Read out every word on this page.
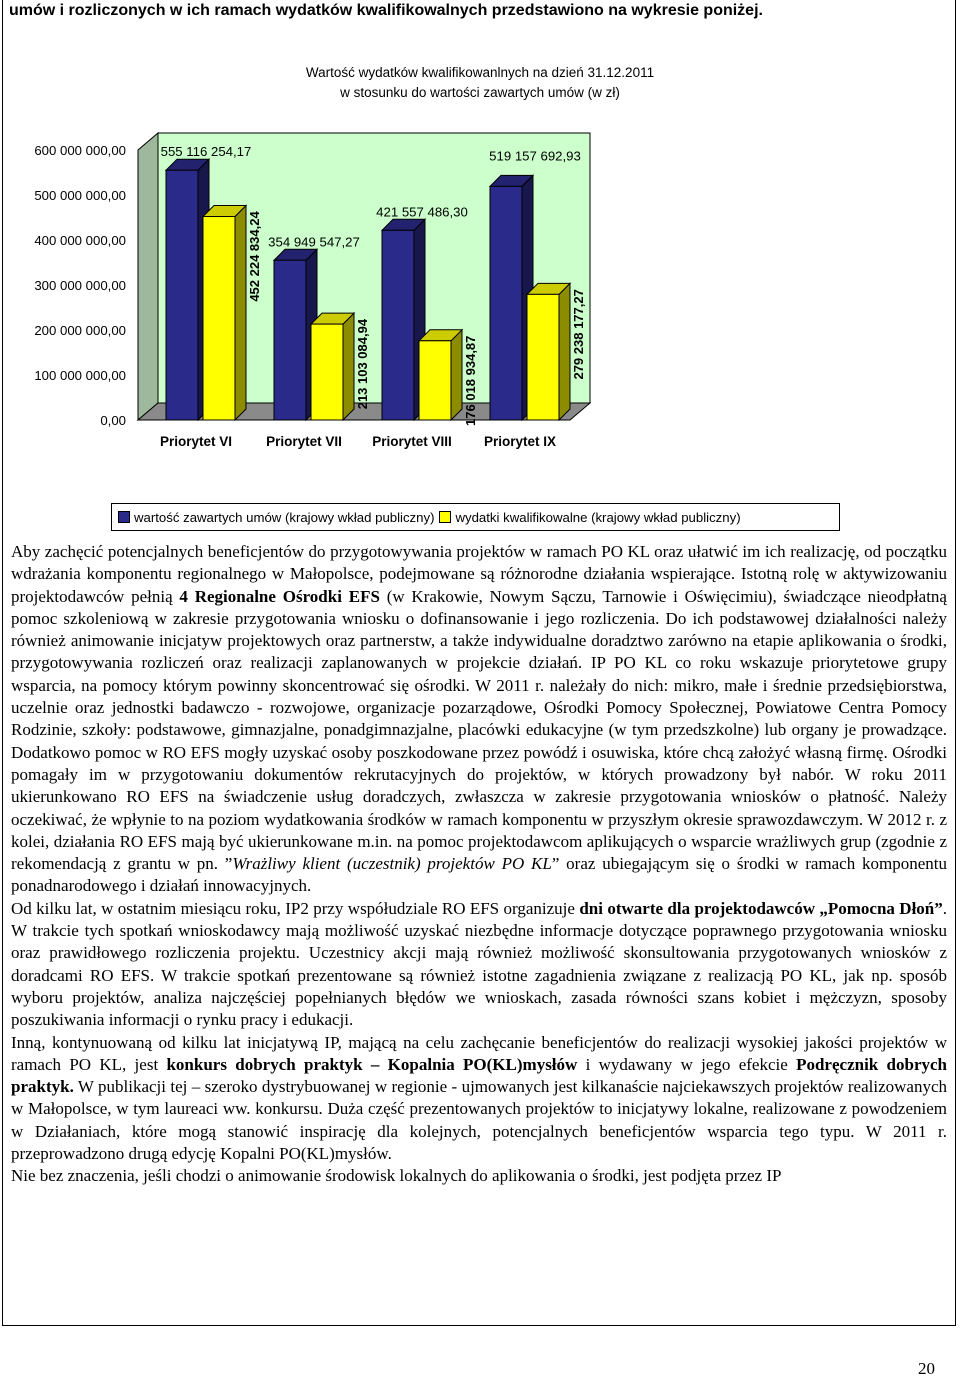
umów i rozliczonych w ich ramach wydatków kwalifikowalnych przedstawiono na wykresie poniżej.
Wartość wydatków kwalifikowanlnych na dzień 31.12.2011
w stosunku do wartości zawartych umów (w zł)
0,00
100 000 000,00
200 000 000,00
300 000 000,00
400 000 000,00
500 000 000,00
600 000 000,00	555 116 254,17
452 224 834,24
Priorytet VI
354 949 547,27
213 103 084,94
Priorytet VII
421 557 486,30
176 018 934,87
Priorytet VIII
519 157 692,93
279 238 177,27
Priorytet IX
wartość zawartych umów (krajowy wkład publiczny) wydatki kwalifikowalne (krajowy wkład publiczny)

Aby zachęcić potencjalnych beneficjentów do przygotowywania projektów w ramach PO KL oraz ułatwić im ich realizację, od początku wdrażania komponentu regionalnego w Małopolsce, podejmowane są różnorodne działania wspierające. Istotną rolę w aktywizowaniu projektodawców pełnią 4 Regionalne Ośrodki EFS (w Krakowie, Nowym Sączu, Tarnowie i Oświęcimiu), świadczące nieodpłatną pomoc szkoleniową w zakresie przygotowania wniosku o dofinansowanie i jego rozliczenia. Do ich podstawowej działalności należy również animowanie inicjatyw projektowych oraz partnerstw, a także indywidualne doradztwo zarówno na etapie aplikowania o środki, przygotowywania rozliczeń oraz realizacji zaplanowanych w projekcie działań. IP PO KL co roku wskazuje priorytetowe grupy wsparcia, na pomocy którym powinny skoncentrować się ośrodki. W 2011 r. należały do nich: mikro, małe i średnie przedsiębiorstwa, uczelnie oraz jednostki badawczo - rozwojowe, organizacje pozarządowe, Ośrodki Pomocy Społecznej, Powiatowe Centra Pomocy Rodzinie, szkoły: podstawowe, gimnazjalne, ponadgimnazjalne, placówki edukacyjne (w tym przedszkolne) lub organy je prowadzące. Dodatkowo pomoc w RO EFS mogły uzyskać osoby poszkodowane przez powódź i osuwiska, które chcą założyć własną firmę. Ośrodki pomagały im w przygotowaniu dokumentów rekrutacyjnych do projektów, w których prowadzony był nabór. W roku 2011 ukierunkowano RO EFS na świadczenie usług doradczych, zwłaszcza w zakresie przygotowania wniosków o płatność. Należy oczekiwać, że wpłynie to na poziom wydatkowania środków w ramach komponentu w przyszłym okresie sprawozdawczym. W 2012 r. z kolei, działania RO EFS mają być ukierunkowane m.in. na pomoc projektodawcom aplikujących o wsparcie wrażliwych grup (zgodnie z rekomendacją z grantu w pn. ”Wrażliwy klient (uczestnik) projektów PO KL” oraz ubiegającym się o środki w ramach komponentu ponadnarodowego i działań innowacyjnych.

Od kilku lat, w ostatnim miesiącu roku, IP2 przy współudziale RO EFS organizuje dni otwarte dla projektodawców „Pomocna Dłoń”. W trakcie tych spotkań wnioskodawcy mają możliwość uzyskać niezbędne informacje dotyczące poprawnego przygotowania wniosku oraz prawidłowego rozliczenia projektu. Uczestnicy akcji mają również możliwość skonsultowania przygotowanych wniosków z doradcami RO EFS. W trakcie spotkań prezentowane są również istotne zagadnienia związane z realizacją PO KL, jak np. sposób wyboru projektów, analiza najczęściej popełnianych błędów we wnioskach, zasada równości szans kobiet i mężczyzn, sposoby poszukiwania informacji o rynku pracy i edukacji.

Inną, kontynuowaną od kilku lat inicjatywą IP, mającą na celu zachęcanie beneficjentów do realizacji wysokiej jakości projektów w ramach PO KL, jest konkurs dobrych praktyk – Kopalnia PO(KL)mysłów i wydawany w jego efekcie Podręcznik dobrych praktyk. W publikacji tej – szeroko dystrybuowanej w regionie - ujmowanych jest kilkanaście najciekawszych projektów realizowanych w Małopolsce, w tym laureaci ww. konkursu. Duża część prezentowanych projektów to inicjatywy lokalne, realizowane z powodzeniem w Działaniach, które mogą stanowić inspirację dla kolejnych, potencjalnych beneficjentów wsparcia tego typu. W 2011 r. przeprowadzono drugą edycję Kopalni PO(KL)mysłów.

Nie bez znaczenia, jeśli chodzi o animowanie środowisk lokalnych do aplikowania o środki, jest podjęta przez IP

20
